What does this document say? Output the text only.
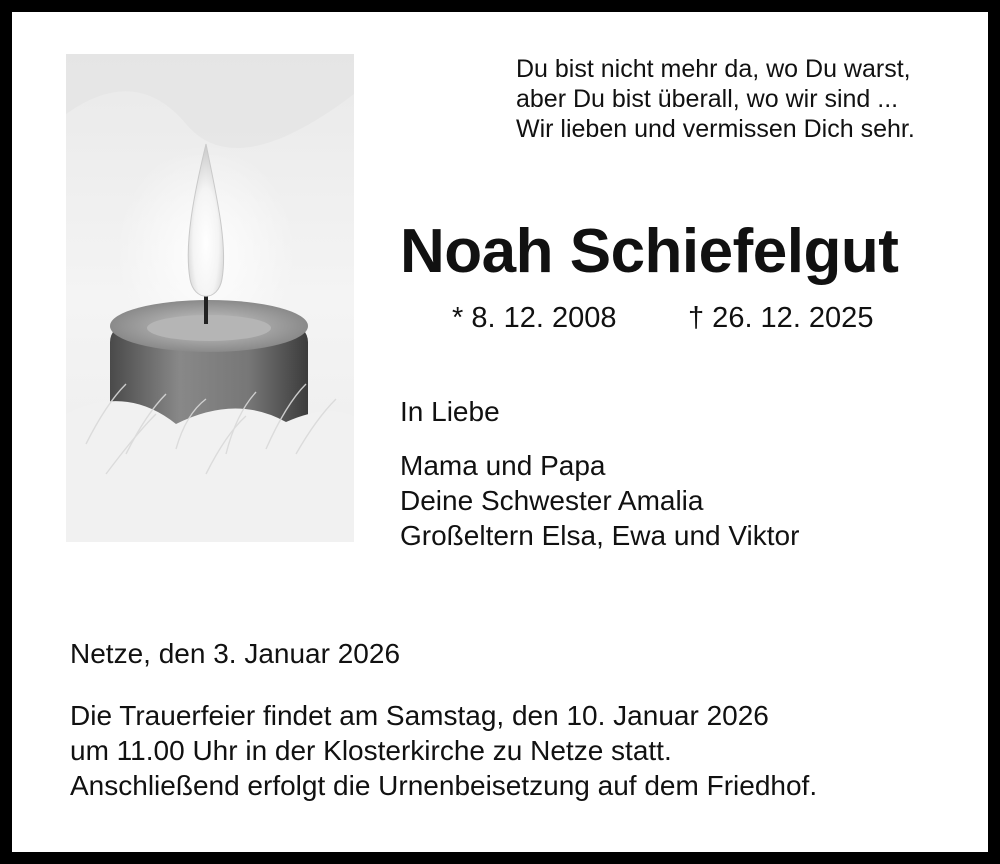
Du bist nicht mehr da, wo Du warst,
aber Du bist überall, wo wir sind ...
Wir lieben und vermissen Dich sehr.
Noah Schiefelgut
* 8. 12. 2008 † 26. 12. 2025
In Liebe
Mama und Papa
Deine Schwester Amalia
Großeltern Elsa, Ewa und Viktor
Netze, den 3. Januar 2026
Die Trauerfeier findet am Samstag, den 10. Januar 2026
um 11.00 Uhr in der Klosterkirche zu Netze statt.
Anschließend erfolgt die Urnenbeisetzung auf dem Friedhof.
